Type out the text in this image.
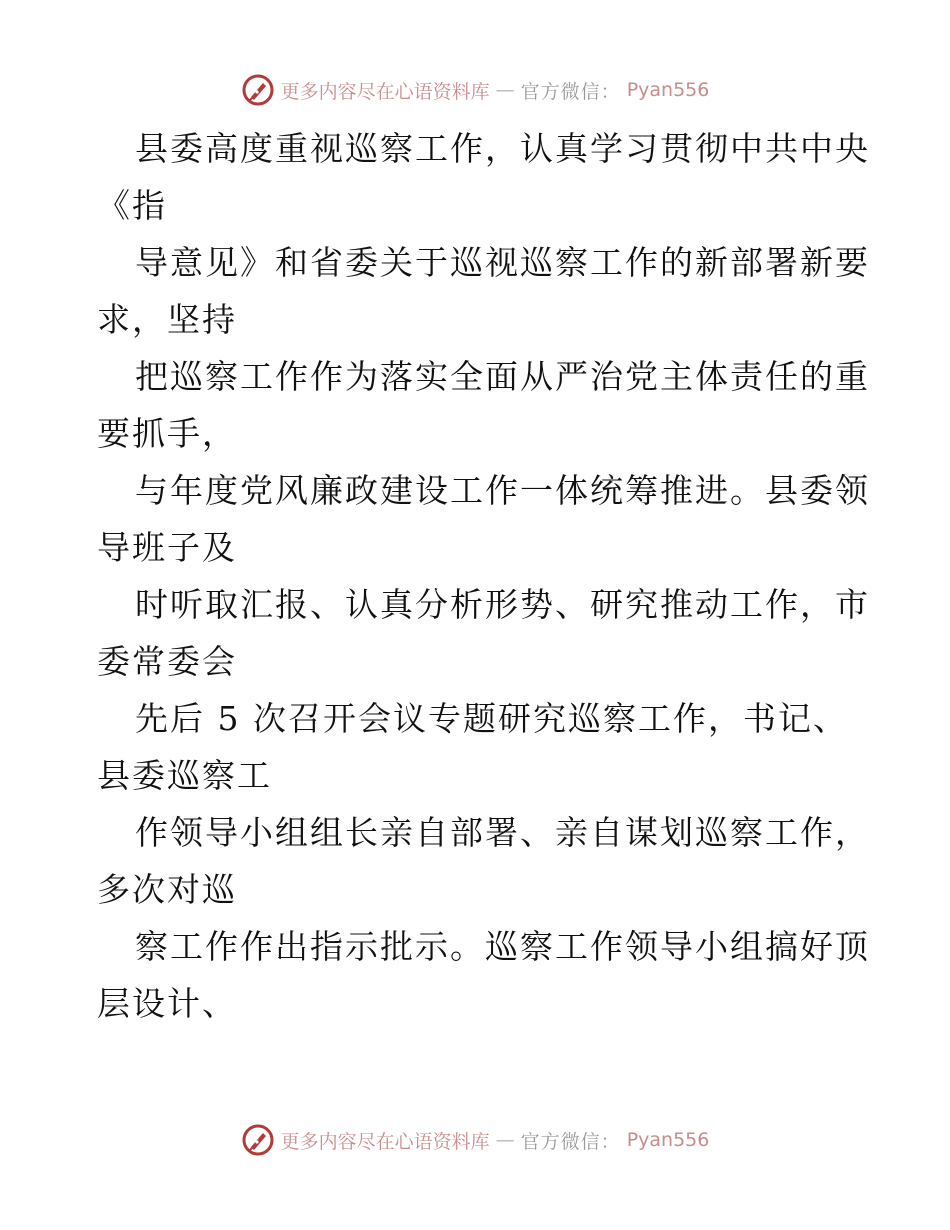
更多内容尽在心语资料库 — 官方微信： Pyan556
县委高度重视巡察工作，认真学习贯彻中共中央
《指
导意见》和省委关于巡视巡察工作的新部署新要
求，坚持
把巡察工作作为落实全面从严治党主体责任的重
要抓手，
与年度党风廉政建设工作一体统筹推进。县委领
导班子及
时听取汇报、认真分析形势、研究推动工作，市
委常委会
先后 5 次召开会议专题研究巡察工作，书记、
县委巡察工
作领导小组组长亲自部署、亲自谋划巡察工作，
多次对巡
察工作作出指示批示。巡察工作领导小组搞好顶
层设计、
更多内容尽在心语资料库 — 官方微信： Pyan556
